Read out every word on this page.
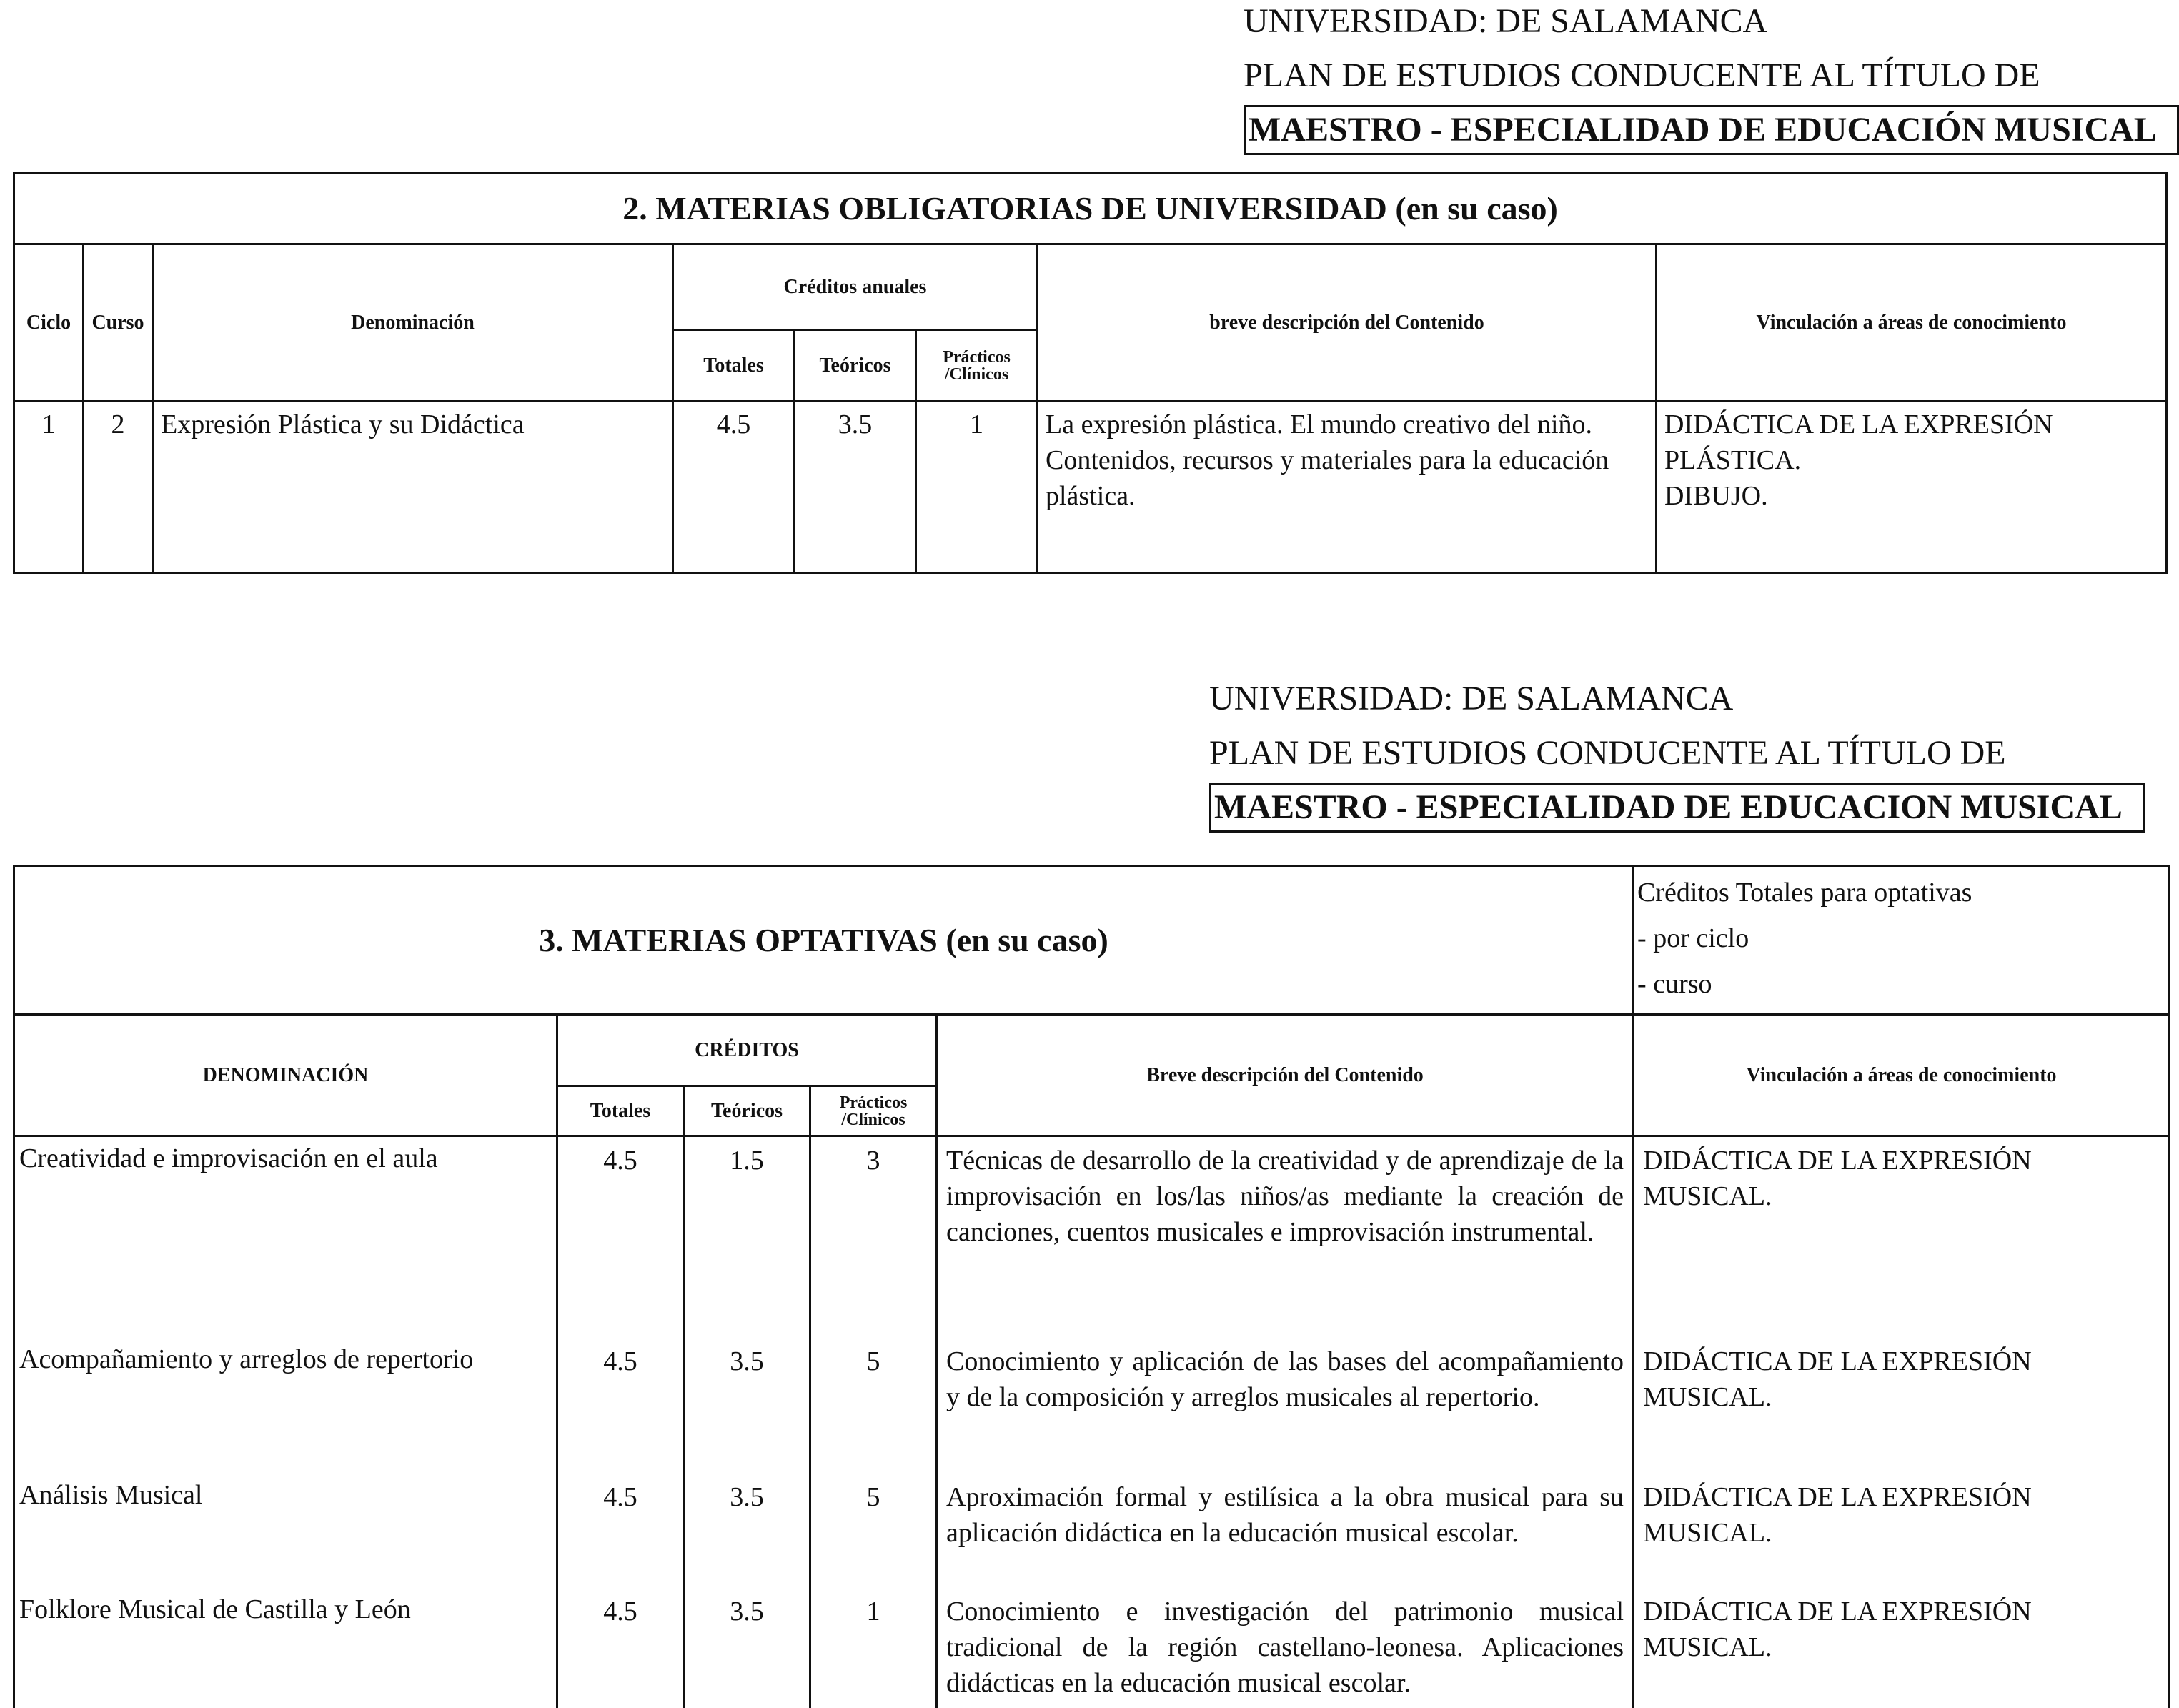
UNIVERSIDAD: DE SALAMANCA
PLAN DE ESTUDIOS CONDUCENTE AL TÍTULO DE
MAESTRO - ESPECIALIDAD DE EDUCACIÓN MUSICAL
2. MATERIAS OBLIGATORIAS DE UNIVERSIDAD (en su caso)							
Ciclo	Curso	Denominación	Créditos anuales			breve descripción del Contenido	Vinculación a áreas de conocimiento
			Totales	Teóricos	Prácticos /Clínicos		
1	2	Expresión Plástica y su Didáctica	4.5	3.5	1	La expresión plástica. El mundo creativo del niño. Contenidos, recursos y materiales para la educación plástica.	DIDÁCTICA DE LA EXPRESIÓN PLÁSTICA.
DIBUJO.
UNIVERSIDAD: DE SALAMANCA
PLAN DE ESTUDIOS CONDUCENTE AL TÍTULO DE
MAESTRO - ESPECIALIDAD DE EDUCACION MUSICAL
3. MATERIAS OPTATIVAS (en su caso)					Créditos Totales para optativas
- por ciclo
- curso

DENOMINACIÓN	CRÉDITOS			Breve descripción del Contenido	Vinculación a áreas de conocimiento
	Totales	Teóricos	Prácticos /Clínicos		
Creatividad e improvisación en el aula	4.5	1.5	3	Técnicas de desarrollo de la creatividad y de aprendizaje de la improvisación en los/las niños/as mediante la creación de canciones, cuentos musicales e improvisación instrumental.	DIDÁCTICA DE LA EXPRESIÓN MUSICAL.
Acompañamiento y arreglos de repertorio	4.5	3.5	5	Conocimiento y aplicación de las bases del acompañamiento y de la composición y arreglos musicales al repertorio.	DIDÁCTICA DE LA EXPRESIÓN MUSICAL.
Análisis Musical	4.5	3.5	5	Aproximación formal y estilísica a la obra musical para su aplicación didáctica en la educación musical escolar.	DIDÁCTICA DE LA EXPRESIÓN MUSICAL.
Folklore Musical de Castilla y León	4.5	3.5	1	Conocimiento e investigación del patrimonio musical tradicional de la región castellano-leonesa. Aplicaciones didácticas en la educación musical escolar.	DIDÁCTICA DE LA EXPRESIÓN MUSICAL.
